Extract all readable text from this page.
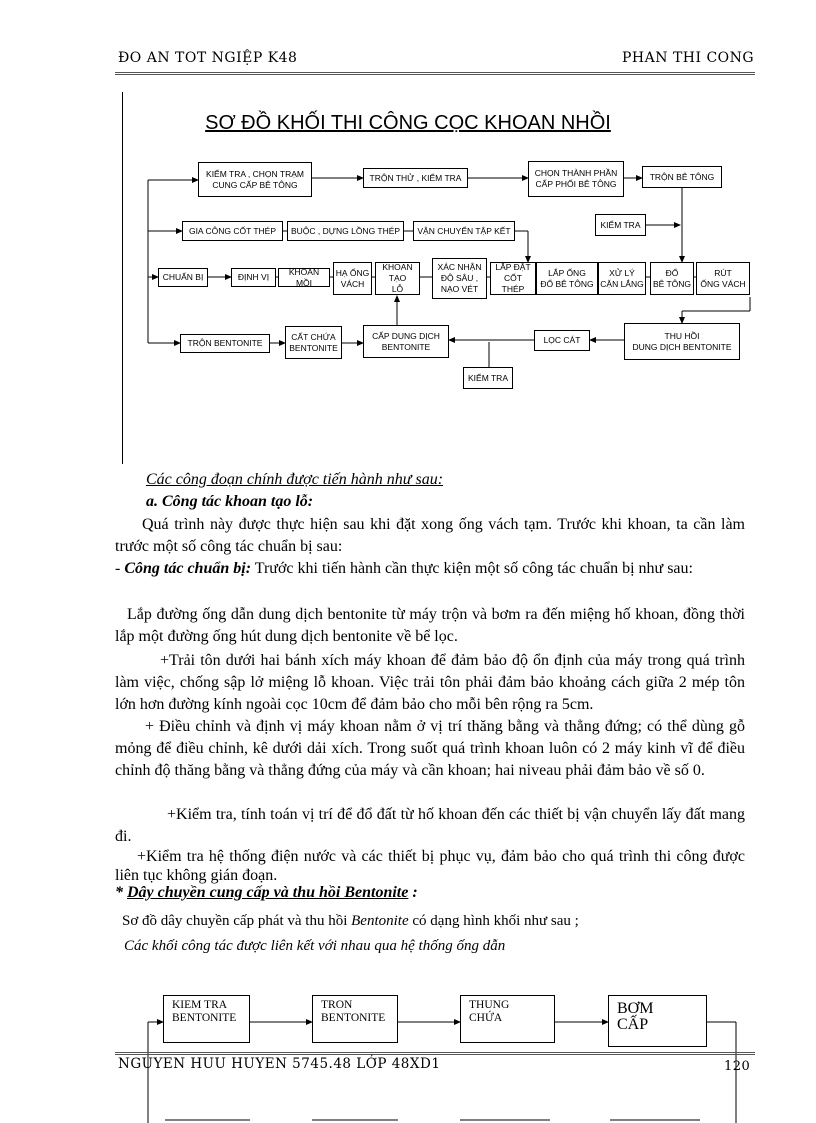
ĐO AN TOT NGIỆP K48	PHAN THI CONG
SƠ ĐỒ KHỐI THI CÔNG CỌC KHOAN NHỒI
KIỂM TRA , CHỌN TRẠM
CUNG CẤP BÊ TÔNG
TRỘN THỬ , KIỂM TRA	CHỌN THÀNH PHẦN
CẤP PHỐI BÊ TÔNG
TRỘN BÊ TÔNG
KIỂM TRA
GIA CÔNG CỐT THÉP	BUỘC , DỰNG LỒNG THÉP	VẬN CHUYỂN TẬP KẾT
CHUẨN BỊ	ĐỊNH VỊ
KHOAN MỒI
HẠ ỐNG
VÁCH
KHOAN TẠO
LỖ
XÁC NHẬN
ĐỘ SÂU ,
NẠO VÉT
LẮP ĐẶT
CỐT THÉP
LẮP ỐNG
ĐỔ BÊ TÔNG
XỬ LÝ
CẶN LẮNG
ĐỔ
BÊ TÔNG
RÚT
ỐNG VÁCH
TRỘN BENTONITE
CẤT CHỨA
BENTONITE
CẤP DUNG DỊCH
BENTONITE
LỌC CÁT	THU HỒI
DUNG DỊCH BENTONITE
KIỂM TRA
Các công đoạn chính được tiến hành như sau:
a. Công tác khoan tạo lỗ:
Quá trình này được thực hiện sau khi đặt xong ống vách tạm. Trước khi khoan, ta cần làm trước một số công tác chuẩn bị sau:
- Công tác chuẩn bị: Trước khi tiến hành cần thực kiện một số công tác chuẩn bị như sau:
Lắp đường ống dẫn dung dịch bentonite từ máy trộn và bơm ra đến miệng hố khoan, đồng thời lắp một đường ống hút dung dịch bentonite về bể lọc.
+Trải tôn dưới hai bánh xích máy khoan để đảm bảo độ ổn định của máy trong quá trình làm việc, chống sập lở miệng lỗ khoan. Việc trải tôn phải đảm bảo khoảng cách giữa 2 mép tôn lớn hơn đường kính ngoài cọc 10cm để đảm bảo cho mỗi bên rộng ra 5cm.
+ Điều chỉnh và định vị máy khoan nằm ở vị trí thăng bằng và thẳng đứng; có thể dùng gỗ mỏng để điều chỉnh, kê dưới dải xích. Trong suốt quá trình khoan luôn có 2 máy kinh vĩ để điều chỉnh độ thăng bằng và thẳng đứng của máy và cần khoan; hai niveau phải đảm bảo về số 0.
+Kiểm tra, tính toán vị trí để đổ đất từ hố khoan đến các thiết bị vận chuyển lấy đất mang đi.
+Kiểm tra hệ thống điện nước và các thiết bị phục vụ, đảm bảo cho quá trình thi công được liên tục không gián đoạn.
* Dây chuyền cung cấp và thu hồi Bentonite :
Sơ đồ dây chuyền cấp phát và thu hồi Bentonite có dạng hình khối như sau ;
Các khối công tác được liên kết với nhau qua hệ thống ống dẫn
KIEM TRA
BENTONITE
TRON
BENTONITE
THUNG
CHỨA
BƠM
CẤP
NGUYEN HUU HUYEN 5745.48 LỚP 48XD1	120
